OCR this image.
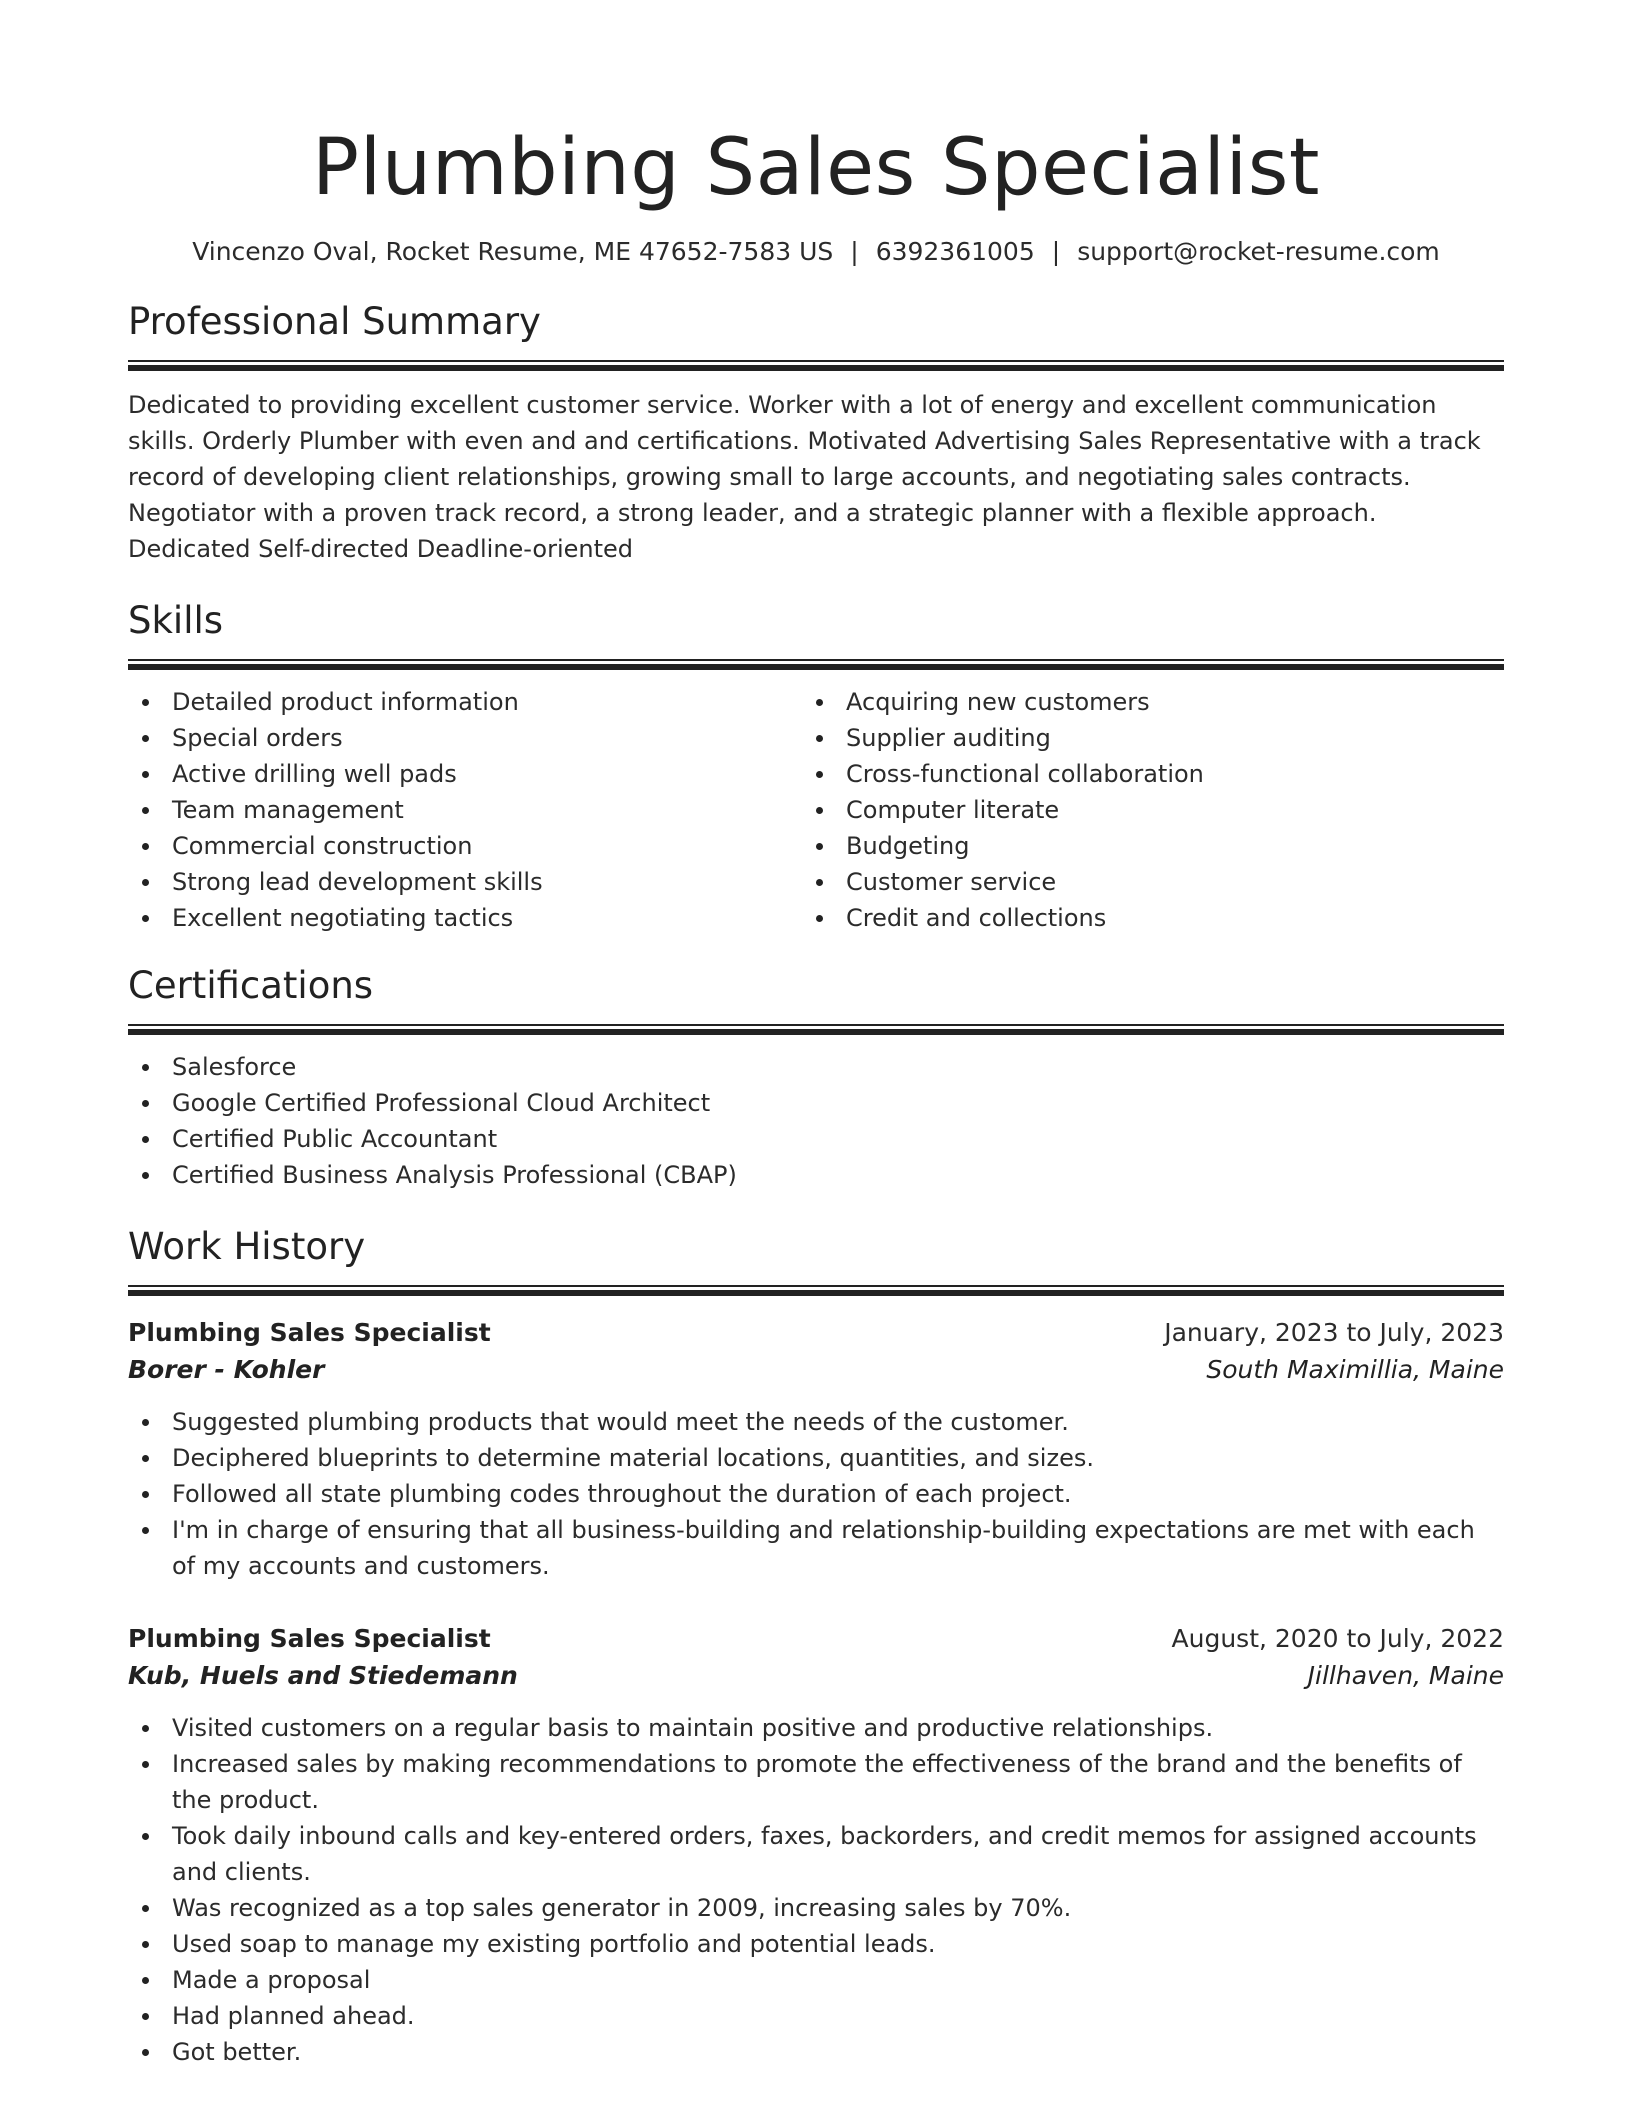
Plumbing Sales Specialist
Vincenzo Oval, Rocket Resume, ME 47652-7583 US | 6392361005 | support@rocket-resume.com
Professional Summary

Dedicated to providing excellent customer service. Worker with a lot of energy and excellent communication skills. Orderly Plumber with even and and certifications. Motivated Advertising Sales Representative with a track record of developing client relationships, growing small to large accounts, and negotiating sales contracts. Negotiator with a proven track record, a strong leader, and a strategic planner with a flexible approach. Dedicated Self-directed Deadline-oriented

Skills
Detailed product information
Special orders
Active drilling well pads
Team management
Commercial construction
Strong lead development skills
Excellent negotiating tactics
Acquiring new customers
Supplier auditing
Cross-functional collaboration
Computer literate
Budgeting
Customer service
Credit and collections
Certifications
Salesforce
Google Certified Professional Cloud Architect
Certified Public Accountant
Certified Business Analysis Professional (CBAP)
Work History
Plumbing Sales Specialist	January, 2023 to July, 2023
Borer - Kohler	South Maximillia, Maine
Suggested plumbing products that would meet the needs of the customer.
Deciphered blueprints to determine material locations, quantities, and sizes.
Followed all state plumbing codes throughout the duration of each project.
I'm in charge of ensuring that all business-building and relationship-building expectations are met with each of my accounts and customers.
Plumbing Sales Specialist	August, 2020 to July, 2022
Kub, Huels and Stiedemann	Jillhaven, Maine
Visited customers on a regular basis to maintain positive and productive relationships.
Increased sales by making recommendations to promote the effectiveness of the brand and the benefits of the product.
Took daily inbound calls and key-entered orders, faxes, backorders, and credit memos for assigned accounts and clients.
Was recognized as a top sales generator in 2009, increasing sales by 70%.
Used soap to manage my existing portfolio and potential leads.
Made a proposal
Had planned ahead.
Got better.
